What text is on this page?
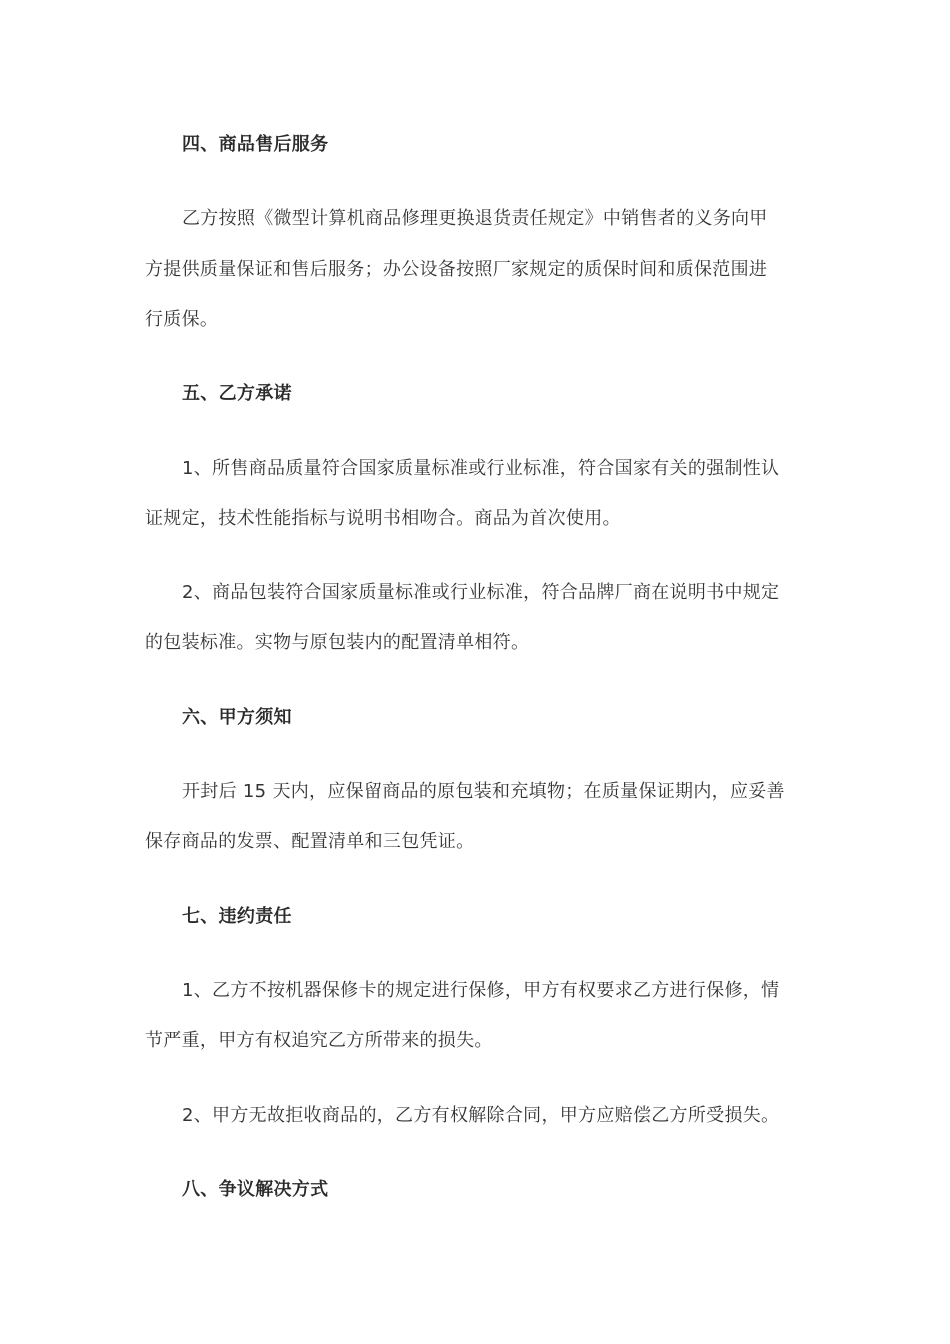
四、商品售后服务
乙方按照《微型计算机商品修理更换退货责任规定》中销售者的义务向甲
方提供质量保证和售后服务；办公设备按照厂家规定的质保时间和质保范围进
行质保。
五、乙方承诺
1、所售商品质量符合国家质量标准或行业标准，符合国家有关的强制性认
证规定，技术性能指标与说明书相吻合。商品为首次使用。
2、商品包装符合国家质量标准或行业标准，符合品牌厂商在说明书中规定
的包装标准。实物与原包装内的配置清单相符。
六、甲方须知
开封后 15 天内，应保留商品的原包装和充填物；在质量保证期内，应妥善
保存商品的发票、配置清单和三包凭证。
七、违约责任
1、乙方不按机器保修卡的规定进行保修，甲方有权要求乙方进行保修，情
节严重，甲方有权追究乙方所带来的损失。
2、甲方无故拒收商品的，乙方有权解除合同，甲方应赔偿乙方所受损失。
八、争议解决方式
